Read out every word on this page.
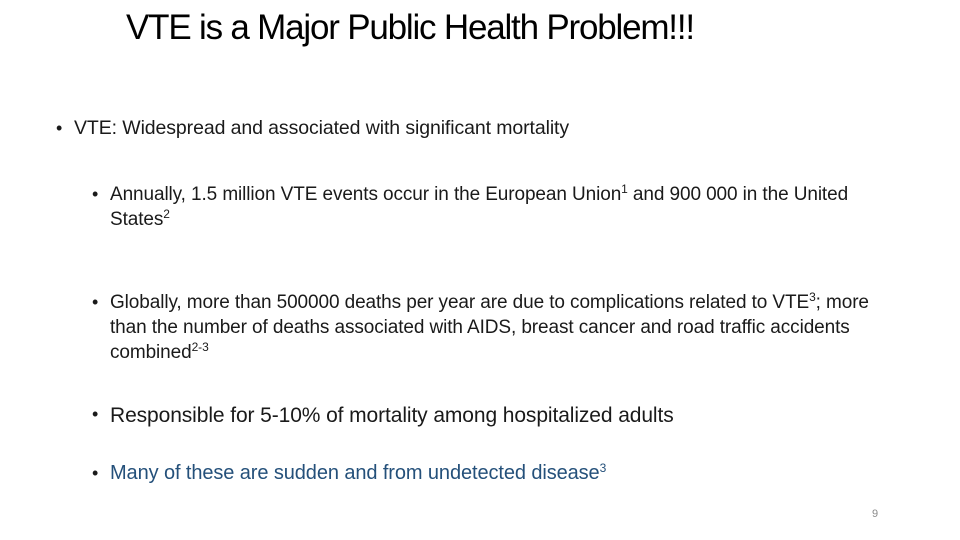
VTE is a Major Public Health Problem!!!
• VTE: Widespread and associated with significant mortality
• Annually, 1.5 million VTE events occur in the European Union$^1$ and 900 000 in the United States$^2$
• Globally, more than 500000 deaths per year are due to complications related to VTE$^3$; more than the number of deaths associated with AIDS, breast cancer and road traffic accidents combined$^{2-3}$
• Responsible for 5-10% of mortality among hospitalized adults
• Many of these are sudden and from undetected disease$^3$
9
